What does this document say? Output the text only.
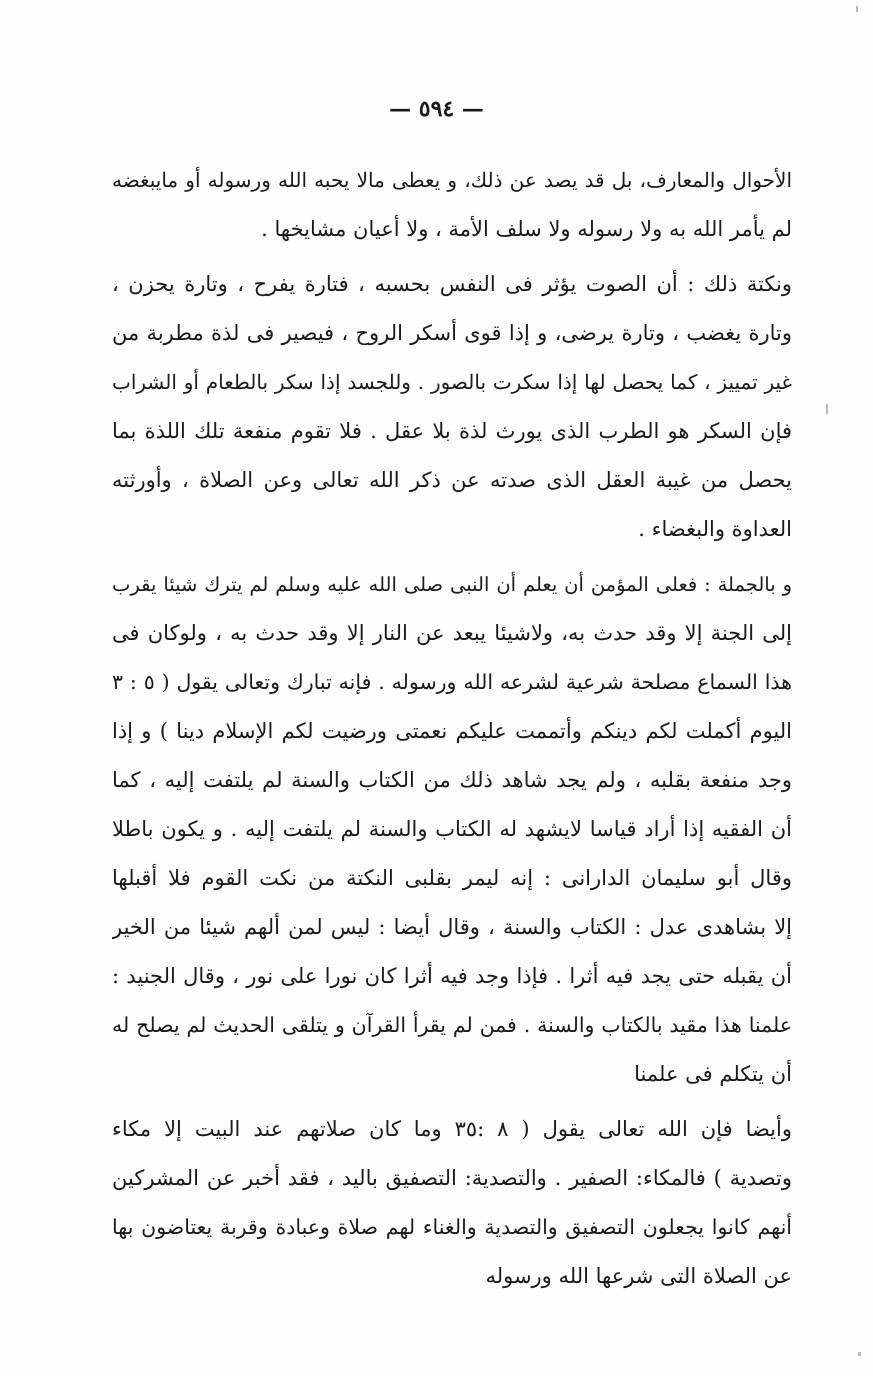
— ٥٩٤ —
الأحوال والمعارف، بل قد يصد عن ذلك، و يعطى مالا يحبه الله ورسوله أو مايبغضه
لم يأمر الله به ولا رسوله ولا سلف الأمة ، ولا أعيان مشايخها .
ونكتة ذلك : أن الصوت يؤثر فى النفس بحسبه ، فتارة يفرح ، وتارة يحزن ،
وتارة يغضب ، وتارة يرضى، و إذا قوى أسكر الروح ، فيصير فى لذة مطربة من
غير تمييز ، كما يحصل لها إذا سكرت بالصور . وللجسد إذا سكر بالطعام أو الشراب
فإن السكر هو الطرب الذى يورث لذة بلا عقل . فلا تقوم منفعة تلك اللذة بما
يحصل من غيبة العقل الذى صدته عن ذكر الله تعالى وعن الصلاة ، وأورثته
العداوة والبغضاء .
و بالجملة : فعلى المؤمن أن يعلم أن النبى صلى الله عليه وسلم لم يترك شيئا يقرب
إلى الجنة إلا وقد حدث به، ولاشيئا يبعد عن النار إلا وقد حدث به ، ولوكان فى
هذا السماع مصلحة شرعية لشرعه الله ورسوله . فإنه تبارك وتعالى يقول ( ٥ : ٣
اليوم أكملت لكم دينكم وأتممت عليكم نعمتى ورضيت لكم الإسلام دينا ) و إذا
وجد منفعة بقلبه ، ولم يجد شاهد ذلك من الكتاب والسنة لم يلتفت إليه ، كما
أن الفقيه إذا أراد قياسا لايشهد له الكتاب والسنة لم يلتفت إليه . و يكون باطلا
وقال أبو سليمان الدارانى : إنه ليمر بقلبى النكتة من نكت القوم فلا أقبلها
إلا بشاهدى عدل : الكتاب والسنة ، وقال أيضا : ليس لمن ألهم شيئا من الخير
أن يقبله حتى يجد فيه أثرا . فإذا وجد فيه أثرا كان نورا على نور ، وقال الجنيد :
علمنا هذا مقيد بالكتاب والسنة . فمن لم يقرأ القرآن و يتلقى الحديث لم يصلح له
أن يتكلم فى علمنا
وأيضا فإن الله تعالى يقول ( ٨ :٣٥ وما كان صلاتهم عند البيت إلا مكاء
وتصدية ) فالمكاء: الصفير . والتصدية: التصفيق باليد ، فقد أخبر عن المشركين
أنهم كانوا يجعلون التصفيق والتصدية والغناء لهم صلاة وعبادة وقربة يعتاضون بها
عن الصلاة التى شرعها الله ورسوله
